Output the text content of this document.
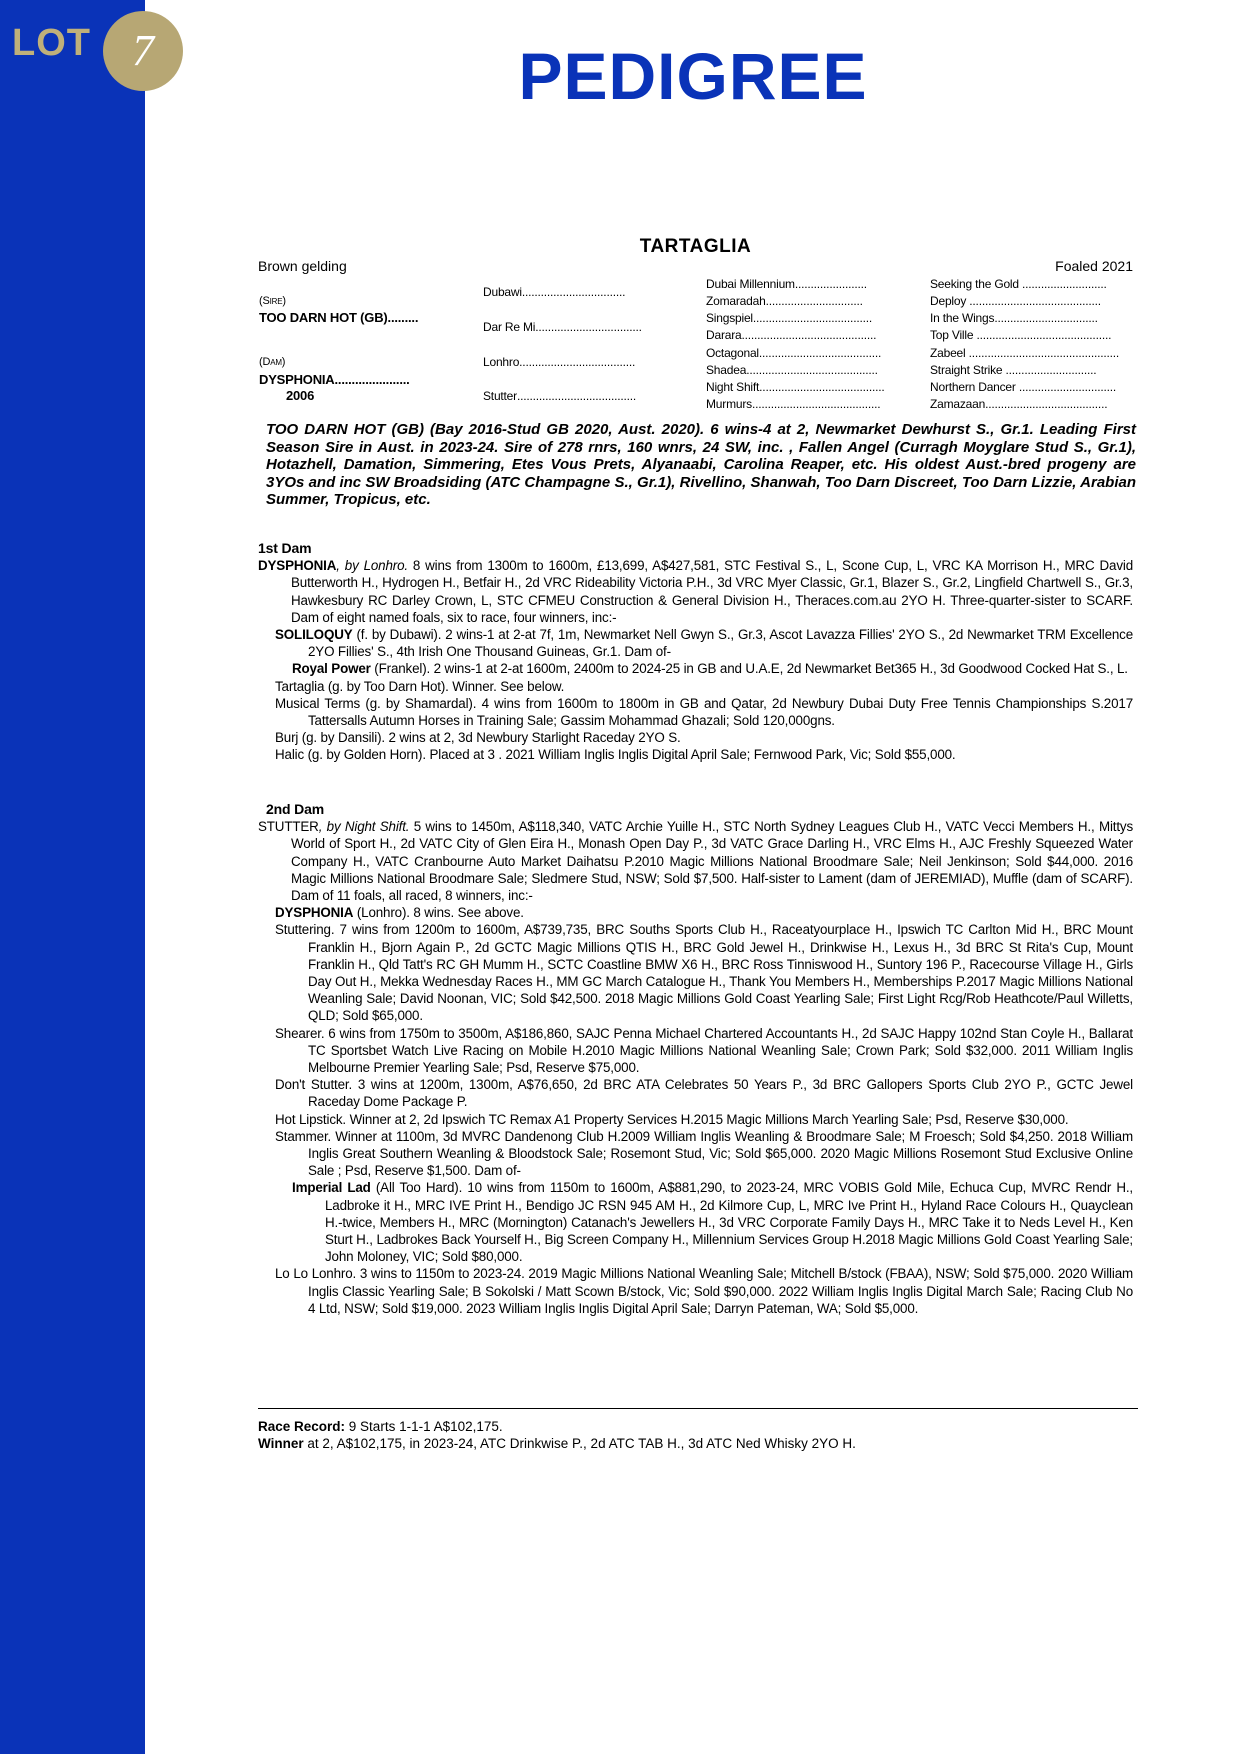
LOT 7	PEDIGREE
TARTAGLIA
Brown gelding	Foaled 2021
(Sire)
TOO DARN HOT (GB).........
(Dam)
DYSPHONIA......................
2006
Dubawi.................................
Dar Re Mi..................................
Lonhro.....................................
Stutter......................................
Dubai Millennium.......................
Zomaradah...............................
Singspiel......................................
Darara...........................................
Octagonal.......................................
Shadea..........................................
Night Shift........................................
Murmurs.........................................
Seeking the Gold ...........................
Deploy ..........................................
In the Wings.................................
Top Ville ...........................................
Zabeel ................................................
Straight Strike .............................
Northern Dancer ...............................
Zamazaan.......................................
TOO DARN HOT (GB) (Bay 2016-Stud GB 2020, Aust. 2020). 6 wins-4 at 2, Newmarket Dewhurst S., Gr.1. Leading First Season Sire in Aust. in 2023-24. Sire of 278 rnrs, 160 wnrs, 24 SW, inc. , Fallen Angel (Curragh Moyglare Stud S., Gr.1), Hotazhell, Damation, Simmering, Etes Vous Prets, Alyanaabi, Carolina Reaper, etc. His oldest Aust.-bred progeny are 3YOs and inc SW Broadsiding (ATC Champagne S., Gr.1), Rivellino, Shanwah, Too Darn Discreet, Too Darn Lizzie, Arabian Summer, Tropicus, etc.
1st Dam
DYSPHONIA, by Lonhro. 8 wins from 1300m to 1600m, £13,699, A$427,581, STC Festival S., L, Scone Cup, L, VRC KA Morrison H., MRC David Butterworth H., Hydrogen H., Betfair H., 2d VRC Rideability Victoria P.H., 3d VRC Myer Classic, Gr.1, Blazer S., Gr.2, Lingfield Chartwell S., Gr.3, Hawkesbury RC Darley Crown, L, STC CFMEU Construction & General Division H., Theraces.com.au 2YO H. Three-quarter-sister to SCARF. Dam of eight named foals, six to race, four winners, inc:-
SOLILOQUY (f. by Dubawi). 2 wins-1 at 2-at 7f, 1m, Newmarket Nell Gwyn S., Gr.3, Ascot Lavazza Fillies' 2YO S., 2d Newmarket TRM Excellence 2YO Fillies' S., 4th Irish One Thousand Guineas, Gr.1. Dam of-
Royal Power (Frankel). 2 wins-1 at 2-at 1600m, 2400m to 2024-25 in GB and U.A.E, 2d Newmarket Bet365 H., 3d Goodwood Cocked Hat S., L.
Tartaglia (g. by Too Darn Hot). Winner. See below.
Musical Terms (g. by Shamardal). 4 wins from 1600m to 1800m in GB and Qatar, 2d Newbury Dubai Duty Free Tennis Championships S.2017 Tattersalls Autumn Horses in Training Sale; Gassim Mohammad Ghazali; Sold 120,000gns.
Burj (g. by Dansili). 2 wins at 2, 3d Newbury Starlight Raceday 2YO S.
Halic (g. by Golden Horn). Placed at 3 . 2021 William Inglis Inglis Digital April Sale; Fernwood Park, Vic; Sold $55,000.
2nd Dam
STUTTER, by Night Shift. 5 wins to 1450m, A$118,340, VATC Archie Yuille H., STC North Sydney Leagues Club H., VATC Vecci Members H., Mittys World of Sport H., 2d VATC City of Glen Eira H., Monash Open Day P., 3d VATC Grace Darling H., VRC Elms H., AJC Freshly Squeezed Water Company H., VATC Cranbourne Auto Market Daihatsu P.2010 Magic Millions National Broodmare Sale; Neil Jenkinson; Sold $44,000. 2016 Magic Millions National Broodmare Sale; Sledmere Stud, NSW; Sold $7,500. Half-sister to Lament (dam of JEREMIAD), Muffle (dam of SCARF). Dam of 11 foals, all raced, 8 winners, inc:-
DYSPHONIA (Lonhro). 8 wins. See above.
Stuttering. 7 wins from 1200m to 1600m, A$739,735, BRC Souths Sports Club H., Raceatyourplace H., Ipswich TC Carlton Mid H., BRC Mount Franklin H., Bjorn Again P., 2d GCTC Magic Millions QTIS H., BRC Gold Jewel H., Drinkwise H., Lexus H., 3d BRC St Rita's Cup, Mount Franklin H., Qld Tatt's RC GH Mumm H., SCTC Coastline BMW X6 H., BRC Ross Tinniswood H., Suntory 196 P., Racecourse Village H., Girls Day Out H., Mekka Wednesday Races H., MM GC March Catalogue H., Thank You Members H., Memberships P.2017 Magic Millions National Weanling Sale; David Noonan, VIC; Sold $42,500. 2018 Magic Millions Gold Coast Yearling Sale; First Light Rcg/Rob Heathcote/Paul Willetts, QLD; Sold $65,000.
Shearer. 6 wins from 1750m to 3500m, A$186,860, SAJC Penna Michael Chartered Accountants H., 2d SAJC Happy 102nd Stan Coyle H., Ballarat TC Sportsbet Watch Live Racing on Mobile H.2010 Magic Millions National Weanling Sale; Crown Park; Sold $32,000. 2011 William Inglis Melbourne Premier Yearling Sale; Psd, Reserve $75,000.
Don't Stutter. 3 wins at 1200m, 1300m, A$76,650, 2d BRC ATA Celebrates 50 Years P., 3d BRC Gallopers Sports Club 2YO P., GCTC Jewel Raceday Dome Package P.
Hot Lipstick. Winner at 2, 2d Ipswich TC Remax A1 Property Services H.2015 Magic Millions March Yearling Sale; Psd, Reserve $30,000.
Stammer. Winner at 1100m, 3d MVRC Dandenong Club H.2009 William Inglis Weanling & Broodmare Sale; M Froesch; Sold $4,250. 2018 William Inglis Great Southern Weanling & Bloodstock Sale; Rosemont Stud, Vic; Sold $65,000. 2020 Magic Millions Rosemont Stud Exclusive Online Sale ; Psd, Reserve $1,500. Dam of-
Imperial Lad (All Too Hard). 10 wins from 1150m to 1600m, A$881,290, to 2023-24, MRC VOBIS Gold Mile, Echuca Cup, MVRC Rendr H., Ladbroke it H., MRC IVE Print H., Bendigo JC RSN 945 AM H., 2d Kilmore Cup, L, MRC Ive Print H., Hyland Race Colours H., Quayclean H.-twice, Members H., MRC (Mornington) Catanach's Jewellers H., 3d VRC Corporate Family Days H., MRC Take it to Neds Level H., Ken Sturt H., Ladbrokes Back Yourself H., Big Screen Company H., Millennium Services Group H.2018 Magic Millions Gold Coast Yearling Sale; John Moloney, VIC; Sold $80,000.
Lo Lo Lonhro. 3 wins to 1150m to 2023-24. 2019 Magic Millions National Weanling Sale; Mitchell B/stock (FBAA), NSW; Sold $75,000. 2020 William Inglis Classic Yearling Sale; B Sokolski / Matt Scown B/stock, Vic; Sold $90,000. 2022 William Inglis Inglis Digital March Sale; Racing Club No 4 Ltd, NSW; Sold $19,000. 2023 William Inglis Inglis Digital April Sale; Darryn Pateman, WA; Sold $5,000.
Race Record: 9 Starts 1-1-1 A$102,175.
Winner at 2, A$102,175, in 2023-24, ATC Drinkwise P., 2d ATC TAB H., 3d ATC Ned Whisky 2YO H.
